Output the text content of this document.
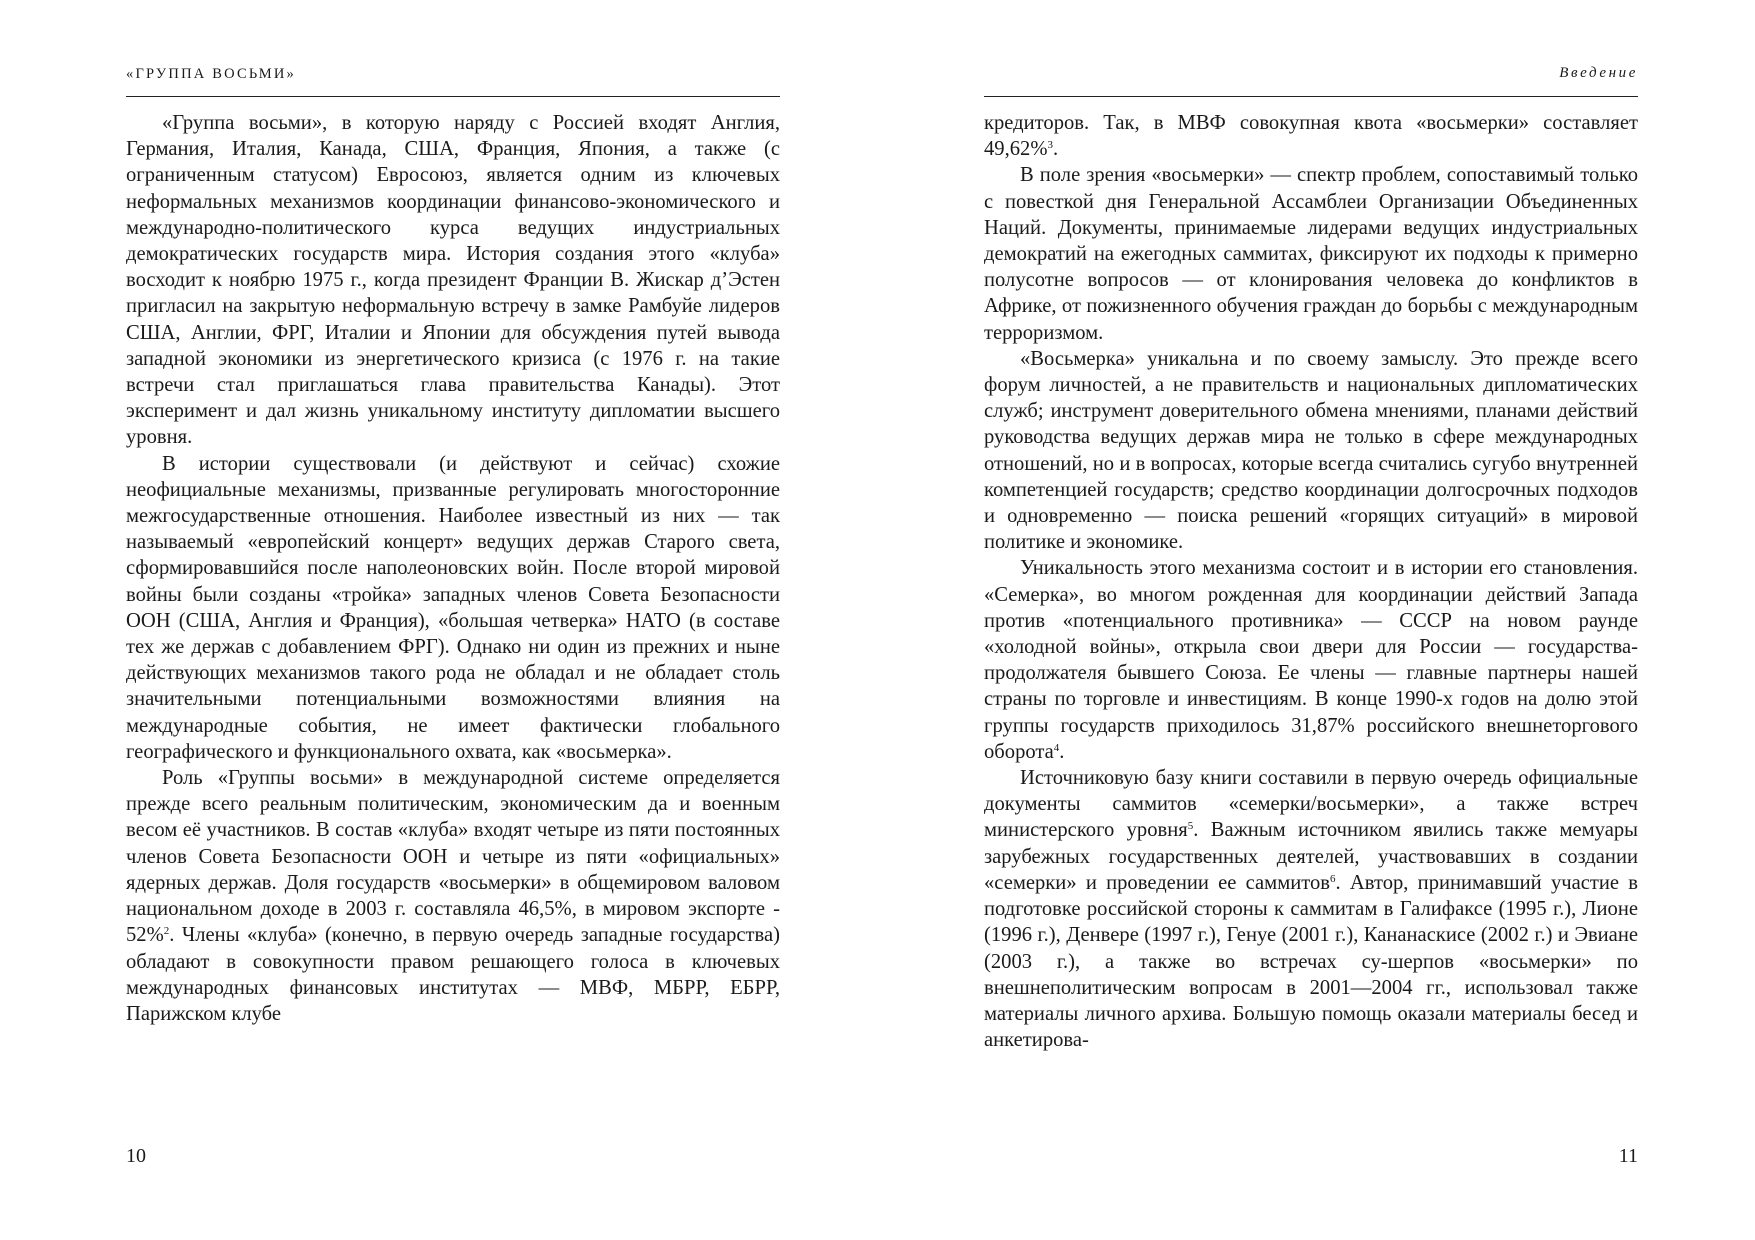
«ГРУППА ВОСЬМИ»

«Группа восьми», в которую наряду с Россией входят Англия, Германия, Италия, Канада, США, Франция, Япония, а также (с ограниченным статусом) Евросоюз, является одним из ключевых неформальных механизмов координации финансово-экономического и международно-политического курса ведущих индустриальных демократических государств мира. История создания этого «клуба» восходит к ноябрю 1975 г., когда президент Франции В. Жискар д’Эстен пригласил на закрытую неформальную встречу в замке Рамбуйе лидеров США, Англии, ФРГ, Италии и Японии для обсуждения путей вывода западной экономики из энергетического кризиса (с 1976 г. на такие встречи стал приглашаться глава правительства Канады). Этот эксперимент и дал жизнь уникальному институту дипломатии высшего уровня.

В истории существовали (и действуют и сейчас) схожие неофициальные механизмы, призванные регулировать многосторонние межгосударственные отношения. Наиболее известный из них — так называемый «европейский концерт» ведущих держав Старого света, сформировавшийся после наполеоновских войн. После второй мировой войны были созданы «тройка» западных членов Совета Безопасности ООН (США, Англия и Франция), «большая четверка» НАТО (в составе тех же держав с добавлением ФРГ). Однако ни один из прежних и ныне действующих механизмов такого рода не обладал и не обладает столь значительными потенциальными возможностями влияния на международные события, не имеет фактически глобального географического и функционального охвата, как «восьмерка».

Роль «Группы восьми» в международной системе определяется прежде всего реальным политическим, экономическим да и военным весом её участников. В состав «клуба» входят четыре из пяти постоянных членов Совета Безопасности ООН и четыре из пяти «официальных» ядерных держав. Доля государств «восьмерки» в общемировом валовом национальном доходе в 2003 г. составляла 46,5%, в мировом экспорте - 52%$^2$. Члены «клуба» (конечно, в первую очередь западные государства) обладают в совокупности правом решающего голоса в ключевых международных финансовых институтах — МВФ, МБРР, ЕБРР, Парижском клубе

10
Введение

кредиторов. Так, в МВФ совокупная квота «восьмерки» составляет 49,62%$^3$.

В поле зрения «восьмерки» — спектр проблем, сопоставимый только с повесткой дня Генеральной Ассамблеи Организации Объединенных Наций. Документы, принимаемые лидерами ведущих индустриальных демократий на ежегодных саммитах, фиксируют их подходы к примерно полусотне вопросов — от клонирования человека до конфликтов в Африке, от пожизненного обучения граждан до борьбы с международным терроризмом.

«Восьмерка» уникальна и по своему замыслу. Это прежде всего форум личностей, а не правительств и национальных дипломатических служб; инструмент доверительного обмена мнениями, планами действий руководства ведущих держав мира не только в сфере международных отношений, но и в вопросах, которые всегда считались сугубо внутренней компетенцией государств; средство координации долгосрочных подходов и одновременно — поиска решений «горящих ситуаций» в мировой политике и экономике.

Уникальность этого механизма состоит и в истории его становления. «Семерка», во многом рожденная для координации действий Запада против «потенциального противника» — СССР на новом раунде «холодной войны», открыла свои двери для России — государства-продолжателя бывшего Союза. Ее члены — главные партнеры нашей страны по торговле и инвестициям. В конце 1990-х годов на долю этой группы государств приходилось 31,87% российского внешнеторгового оборота$^4$.

Источниковую базу книги составили в первую очередь официальные документы саммитов «семерки/восьмерки», а также встреч министерского уровня$^5$. Важным источником явились также мемуары зарубежных государственных деятелей, участвовавших в создании «семерки» и проведении ее саммитов$^6$. Автор, принимавший участие в подготовке российской стороны к саммитам в Галифаксе (1995 г.), Лионе (1996 г.), Денвере (1997 г.), Генуе (2001 г.), Кананаскисе (2002 г.) и Эвиане (2003 г.), а также во встречах су-шерпов «восьмерки» по внешнеполитическим вопросам в 2001—2004 гг., использовал также материалы личного архива. Большую помощь оказали материалы бесед и анкетирова-

11
